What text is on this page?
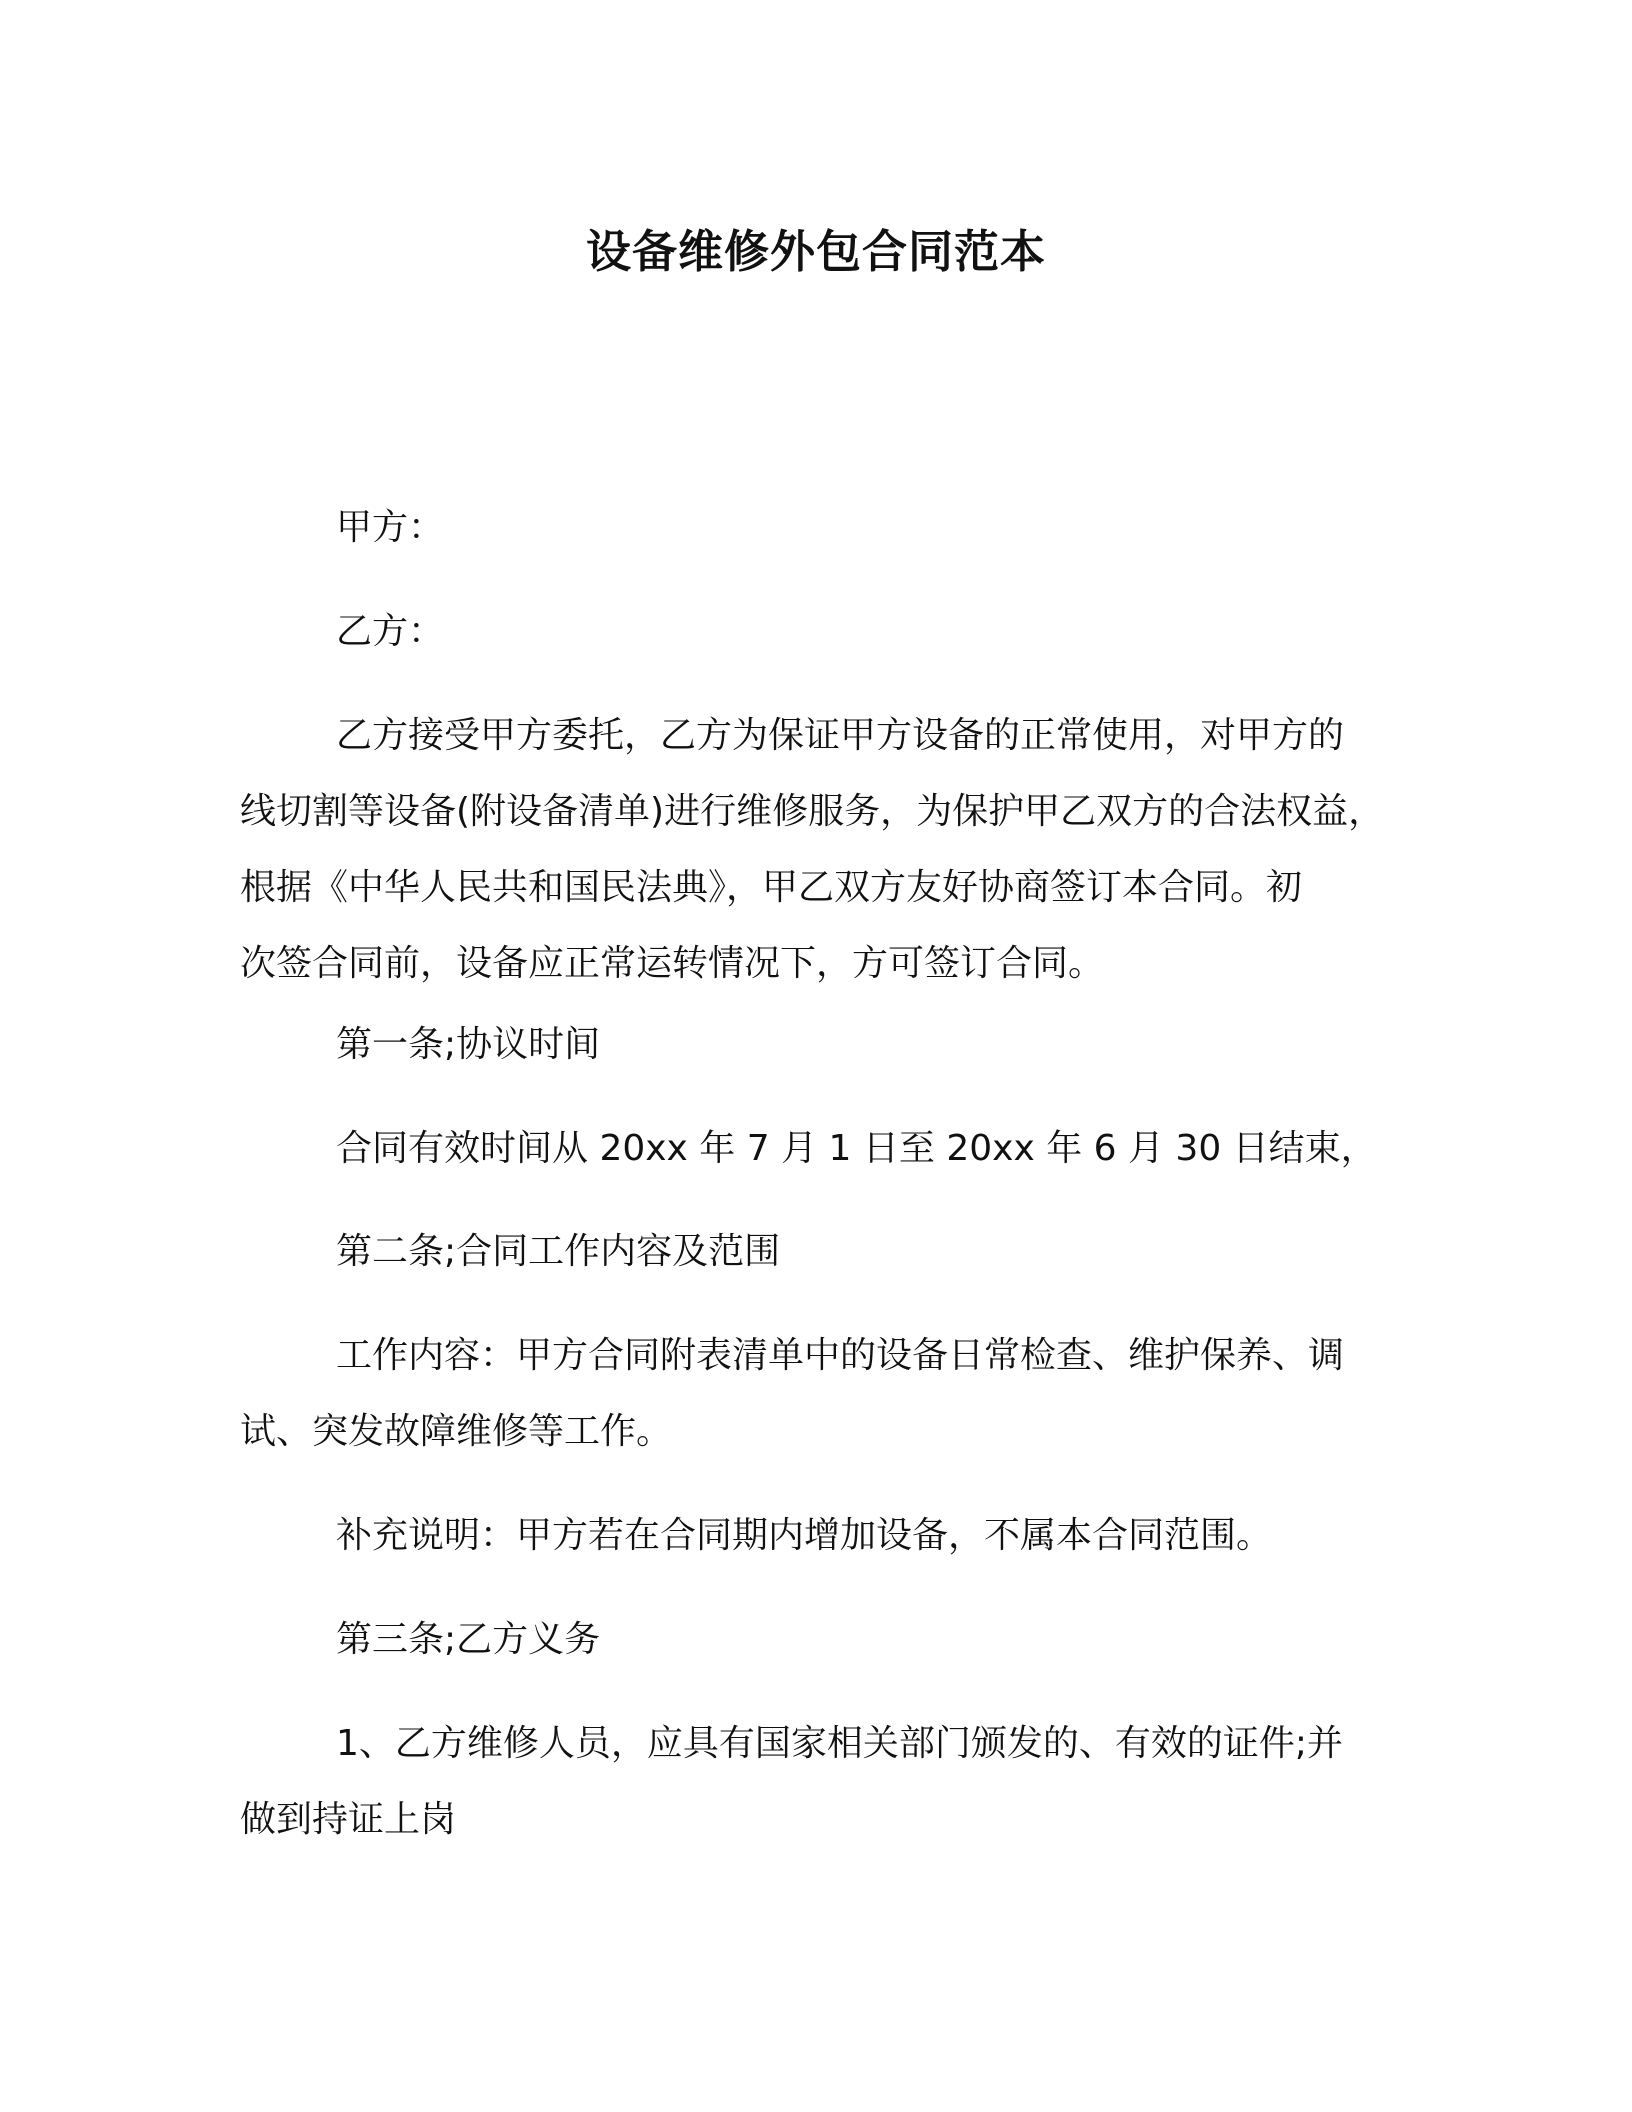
设备维修外包合同范本
甲方：
乙方：
乙方接受甲方委托，乙方为保证甲方设备的正常使用，对甲方的
线切割等设备(附设备清单)进行维修服务，为保护甲乙双方的合法权益，
根据《中华人民共和国民法典》，甲乙双方友好协商签订本合同。初
次签合同前，设备应正常运转情况下，方可签订合同。
第一条;协议时间
合同有效时间从 20xx 年 7 月 1 日至 20xx 年 6 月 30 日结束，
第二条;合同工作内容及范围
工作内容：甲方合同附表清单中的设备日常检查、维护保养、调
试、突发故障维修等工作。
补充说明：甲方若在合同期内增加设备，不属本合同范围。
第三条;乙方义务
1、乙方维修人员，应具有国家相关部门颁发的、有效的证件;并
做到持证上岗
